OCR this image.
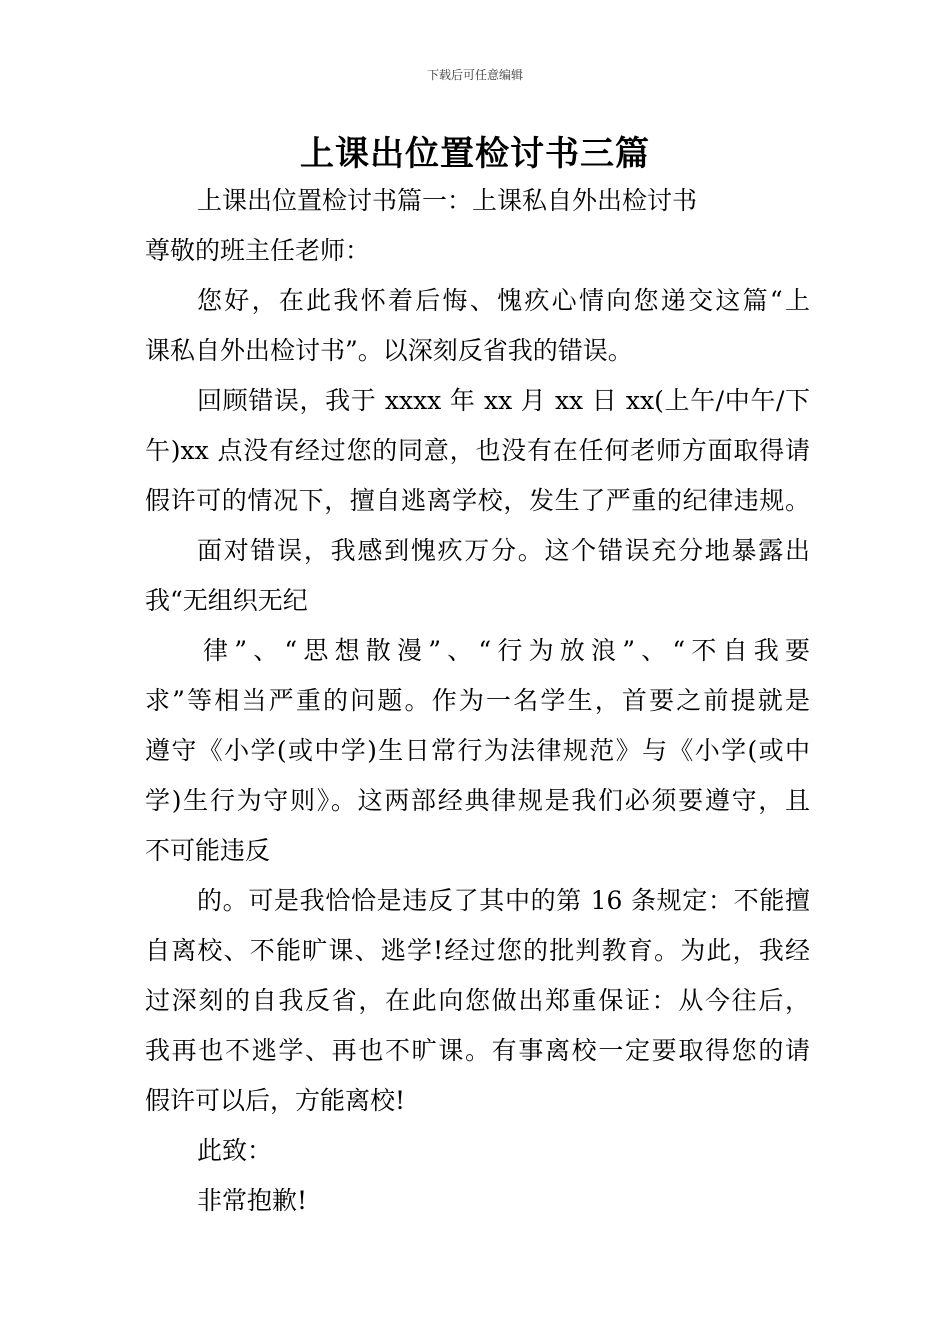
下载后可任意编辑
上课出位置检讨书三篇
上课出位置检讨书篇一：上课私自外出检讨书
尊敬的班主任老师：
您好，在此我怀着后悔、愧疚心情向您递交这篇“上
课私自外出检讨书”。以深刻反省我的错误。
回顾错误，我于 xxxx 年 xx 月 xx 日 xx(上午/中午/下
午)xx 点没有经过您的同意，也没有在任何老师方面取得请
假许可的情况下，擅自逃离学校，发生了严重的纪律违规。
面对错误，我感到愧疚万分。这个错误充分地暴露出
我“无组织无纪
律”、“思想散漫”、“行为放浪”、“不自我要
求”等相当严重的问题。作为一名学生，首要之前提就是
遵守《小学(或中学)生日常行为法律规范》与《小学(或中
学)生行为守则》。这两部经典律规是我们必须要遵守，且
不可能违反
的。可是我恰恰是违反了其中的第 16 条规定：不能擅
自离校、不能旷课、逃学!经过您的批判教育。为此，我经
过深刻的自我反省，在此向您做出郑重保证：从今往后，
我再也不逃学、再也不旷课。有事离校一定要取得您的请
假许可以后，方能离校!
此致：
非常抱歉!
